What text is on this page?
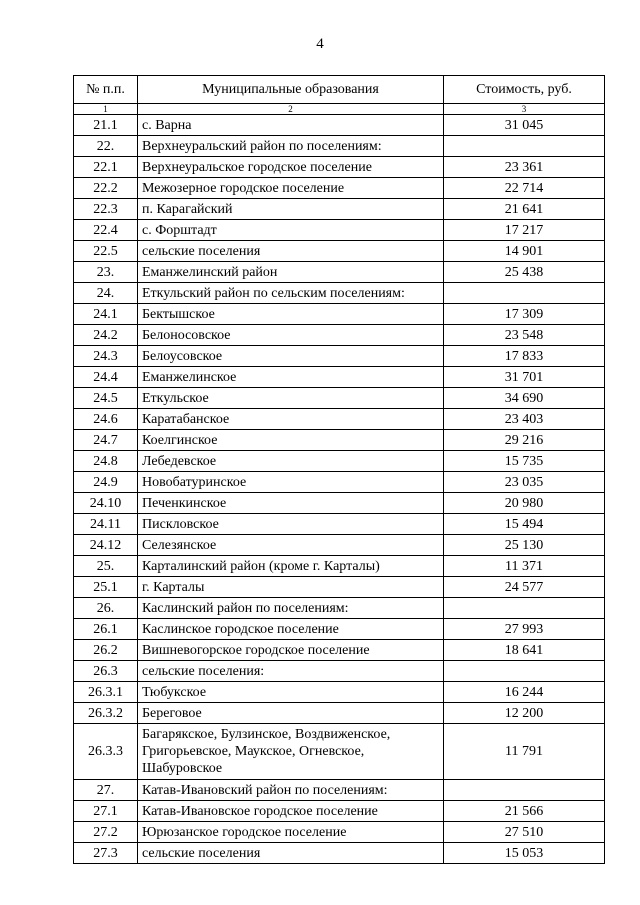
4
№ п.п.	Муниципальные образования	Стоимость, руб.
1	2	3
21.1	с. Варна	31 045
22.	Верхнеуральский район по поселениям:	
22.1	Верхнеуральское городское поселение	23 361
22.2	Межозерное городское поселение	22 714
22.3	п. Карагайский	21 641
22.4	с. Форштадт	17 217
22.5	сельские поселения	14 901
23.	Еманжелинский район	25 438
24.	Еткульский район по сельским поселениям:	
24.1	Бектышское	17 309
24.2	Белоносовское	23 548
24.3	Белоусовское	17 833
24.4	Еманжелинское	31 701
24.5	Еткульское	34 690
24.6	Каратабанское	23 403
24.7	Коелгинское	29 216
24.8	Лебедевское	15 735
24.9	Новобатуринское	23 035
24.10	Печенкинское	20 980
24.11	Пискловское	15 494
24.12	Селезянское	25 130
25.	Карталинский район (кроме г. Карталы)	11 371
25.1	г. Карталы	24 577
26.	Каслинский район по поселениям:	
26.1	Каслинское городское поселение	27 993
26.2	Вишневогорское городское поселение	18 641
26.3	сельские поселения:	
26.3.1	Тюбукское	16 244
26.3.2	Береговое	12 200
26.3.3	Багарякское, Булзинское, Воздвиженское, Григорьевское, Маукское, Огневское, Шабуровское	11 791
27.	Катав-Ивановский район по поселениям:	
27.1	Катав-Ивановское городское поселение	21 566
27.2	Юрюзанское городское поселение	27 510
27.3	сельские поселения	15 053
